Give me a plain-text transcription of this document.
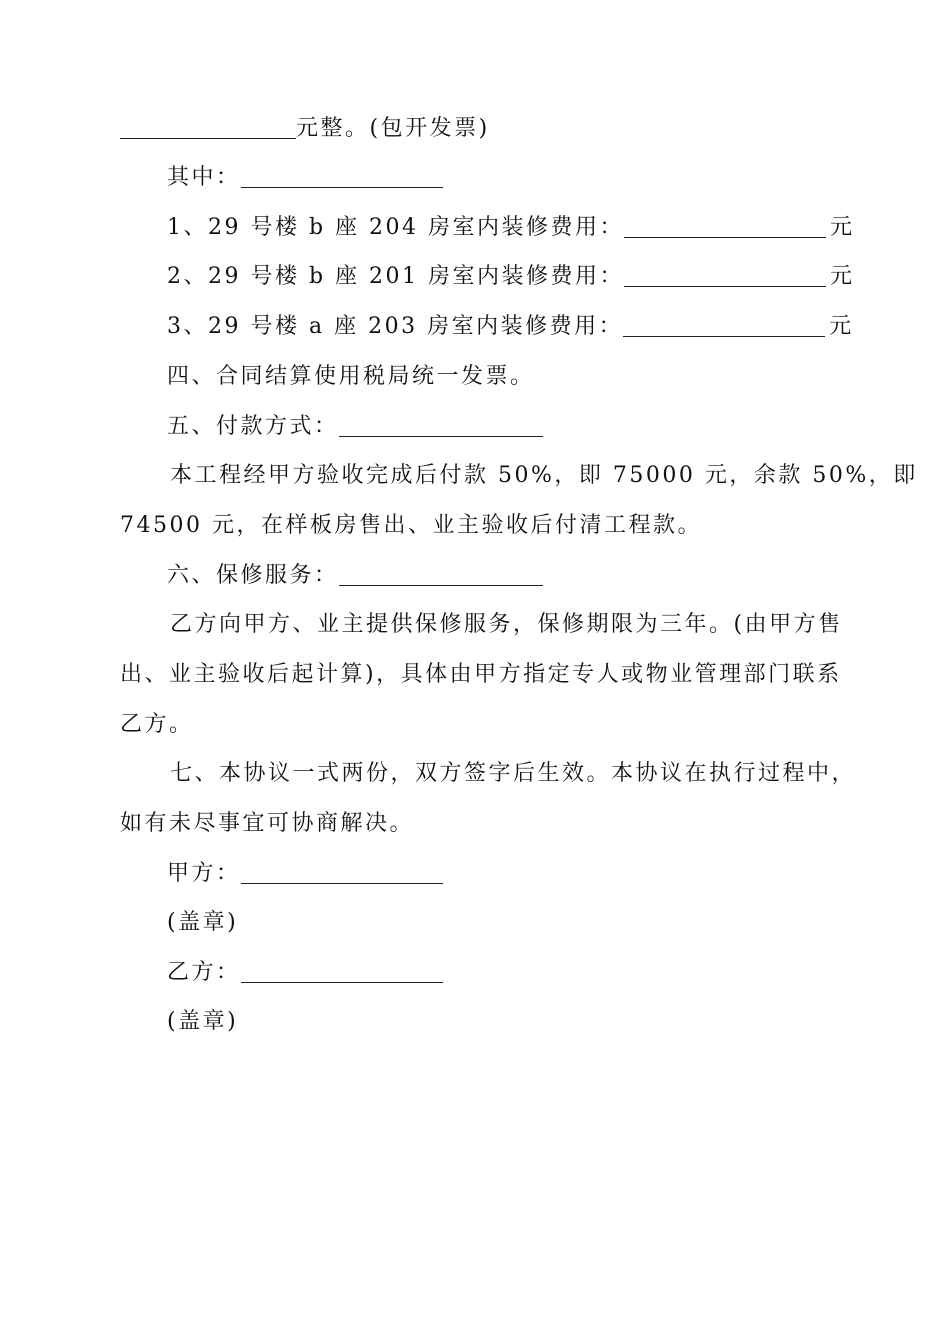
元整。(包开发票)
其中：
1、29 号楼 b 座 204 房室内装修费用：	元
2、29 号楼 b 座 201 房室内装修费用：	元
3、29 号楼 a 座 203 房室内装修费用：	元
四、合同结算使用税局统一发票。
五、付款方式：
本工程经甲方验收完成后付款 50%，即 75000 元，余款 50%，即
74500 元，在样板房售出、业主验收后付清工程款。
六、保修服务：
乙方向甲方、业主提供保修服务，保修期限为三年。(由甲方售
出、业主验收后起计算)，具体由甲方指定专人或物业管理部门联系
乙方。
七、本协议一式两份，双方签字后生效。本协议在执行过程中，
如有未尽事宜可协商解决。
甲方：
(盖章)
乙方：
(盖章)
